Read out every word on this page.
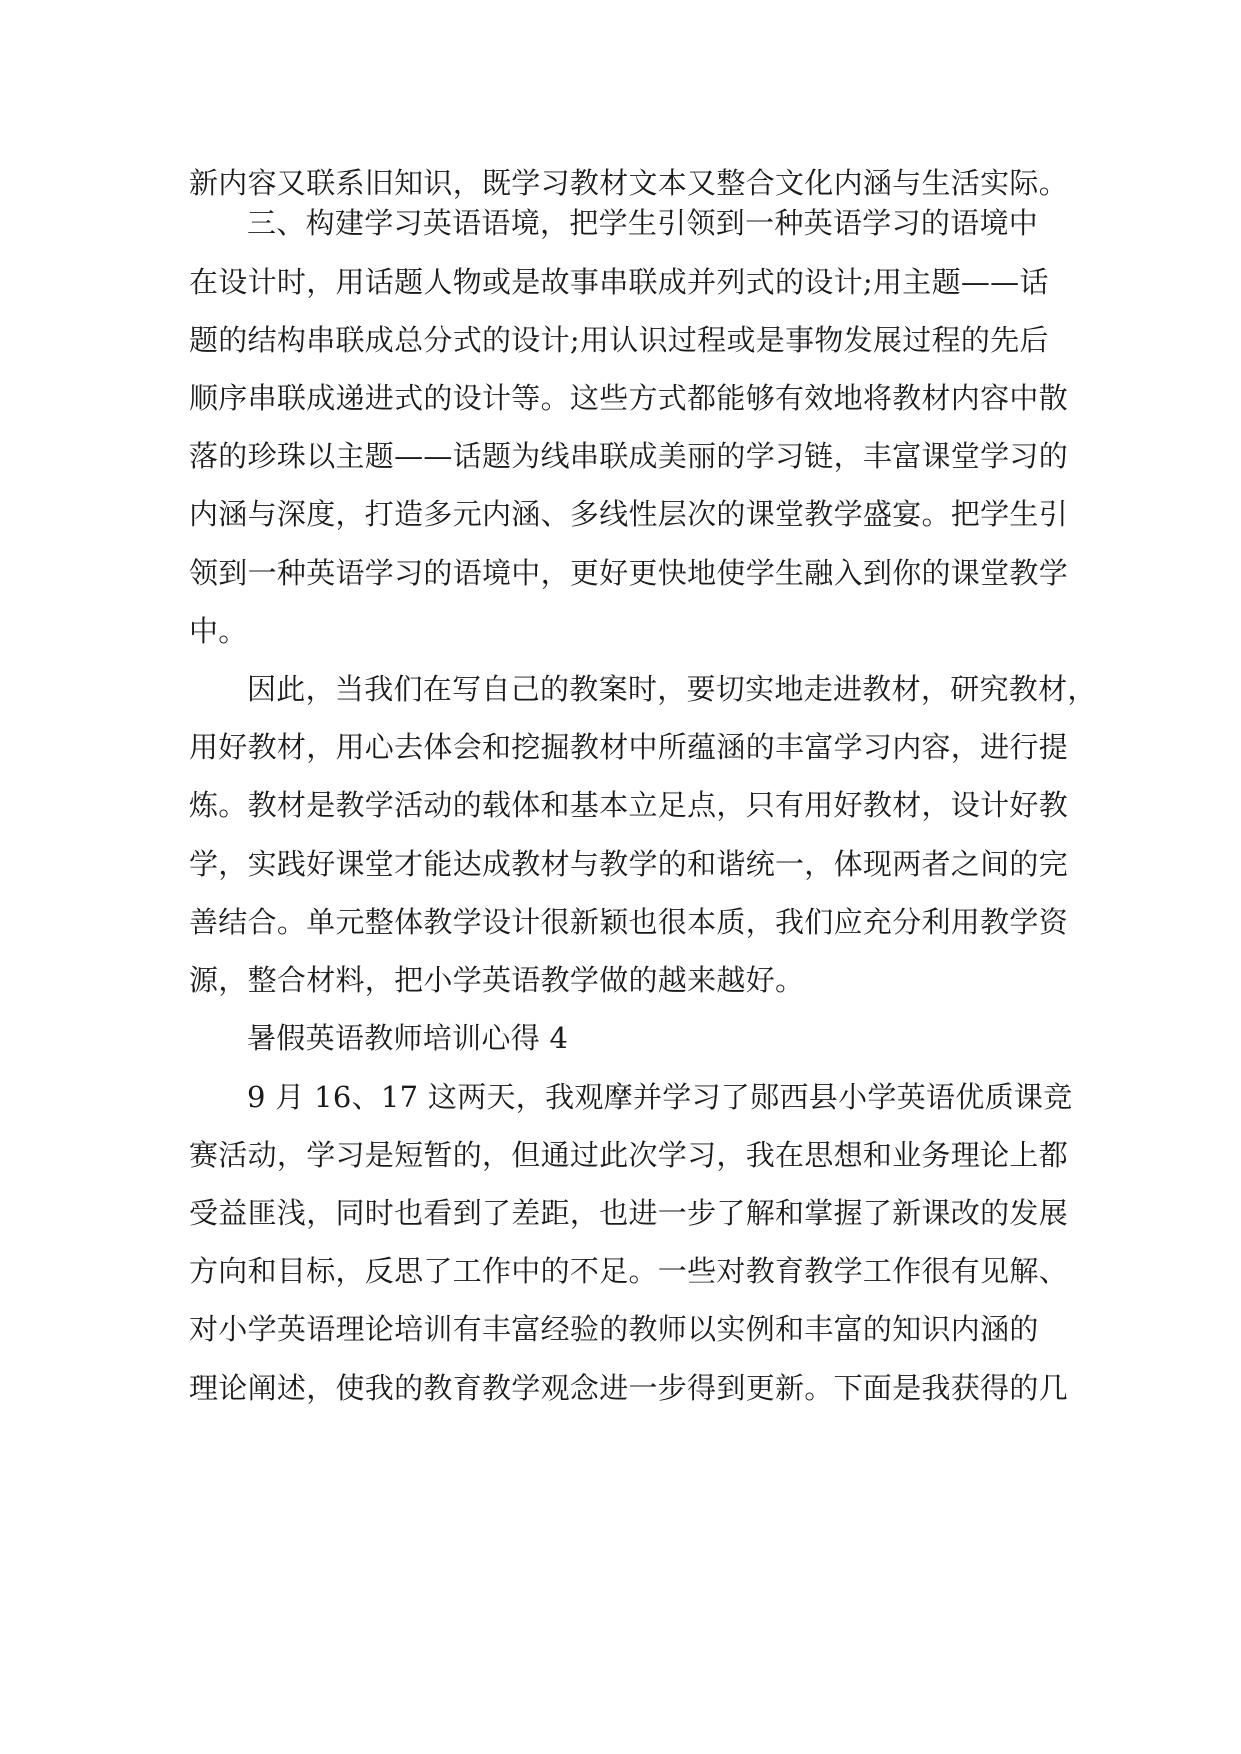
新内容又联系旧知识，既学习教材文本又整合文化内涵与生活实际。
三、构建学习英语语境，把学生引领到一种英语学习的语境中
在设计时，用话题人物或是故事串联成并列式的设计;用主题——话
题的结构串联成总分式的设计;用认识过程或是事物发展过程的先后
顺序串联成递进式的设计等。这些方式都能够有效地将教材内容中散
落的珍珠以主题——话题为线串联成美丽的学习链，丰富课堂学习的
内涵与深度，打造多元内涵、多线性层次的课堂教学盛宴。把学生引
领到一种英语学习的语境中，更好更快地使学生融入到你的课堂教学
中。
因此，当我们在写自己的教案时，要切实地走进教材，研究教材，
用好教材，用心去体会和挖掘教材中所蕴涵的丰富学习内容，进行提
炼。教材是教学活动的载体和基本立足点，只有用好教材，设计好教
学，实践好课堂才能达成教材与教学的和谐统一，体现两者之间的完
善结合。单元整体教学设计很新颖也很本质，我们应充分利用教学资
源，整合材料，把小学英语教学做的越来越好。
暑假英语教师培训心得 4
9 月 16、17 这两天，我观摩并学习了郧西县小学英语优质课竞
赛活动，学习是短暂的，但通过此次学习，我在思想和业务理论上都
受益匪浅，同时也看到了差距，也进一步了解和掌握了新课改的发展
方向和目标，反思了工作中的不足。一些对教育教学工作很有见解、
对小学英语理论培训有丰富经验的教师以实例和丰富的知识内涵的
理论阐述，使我的教育教学观念进一步得到更新。下面是我获得的几
